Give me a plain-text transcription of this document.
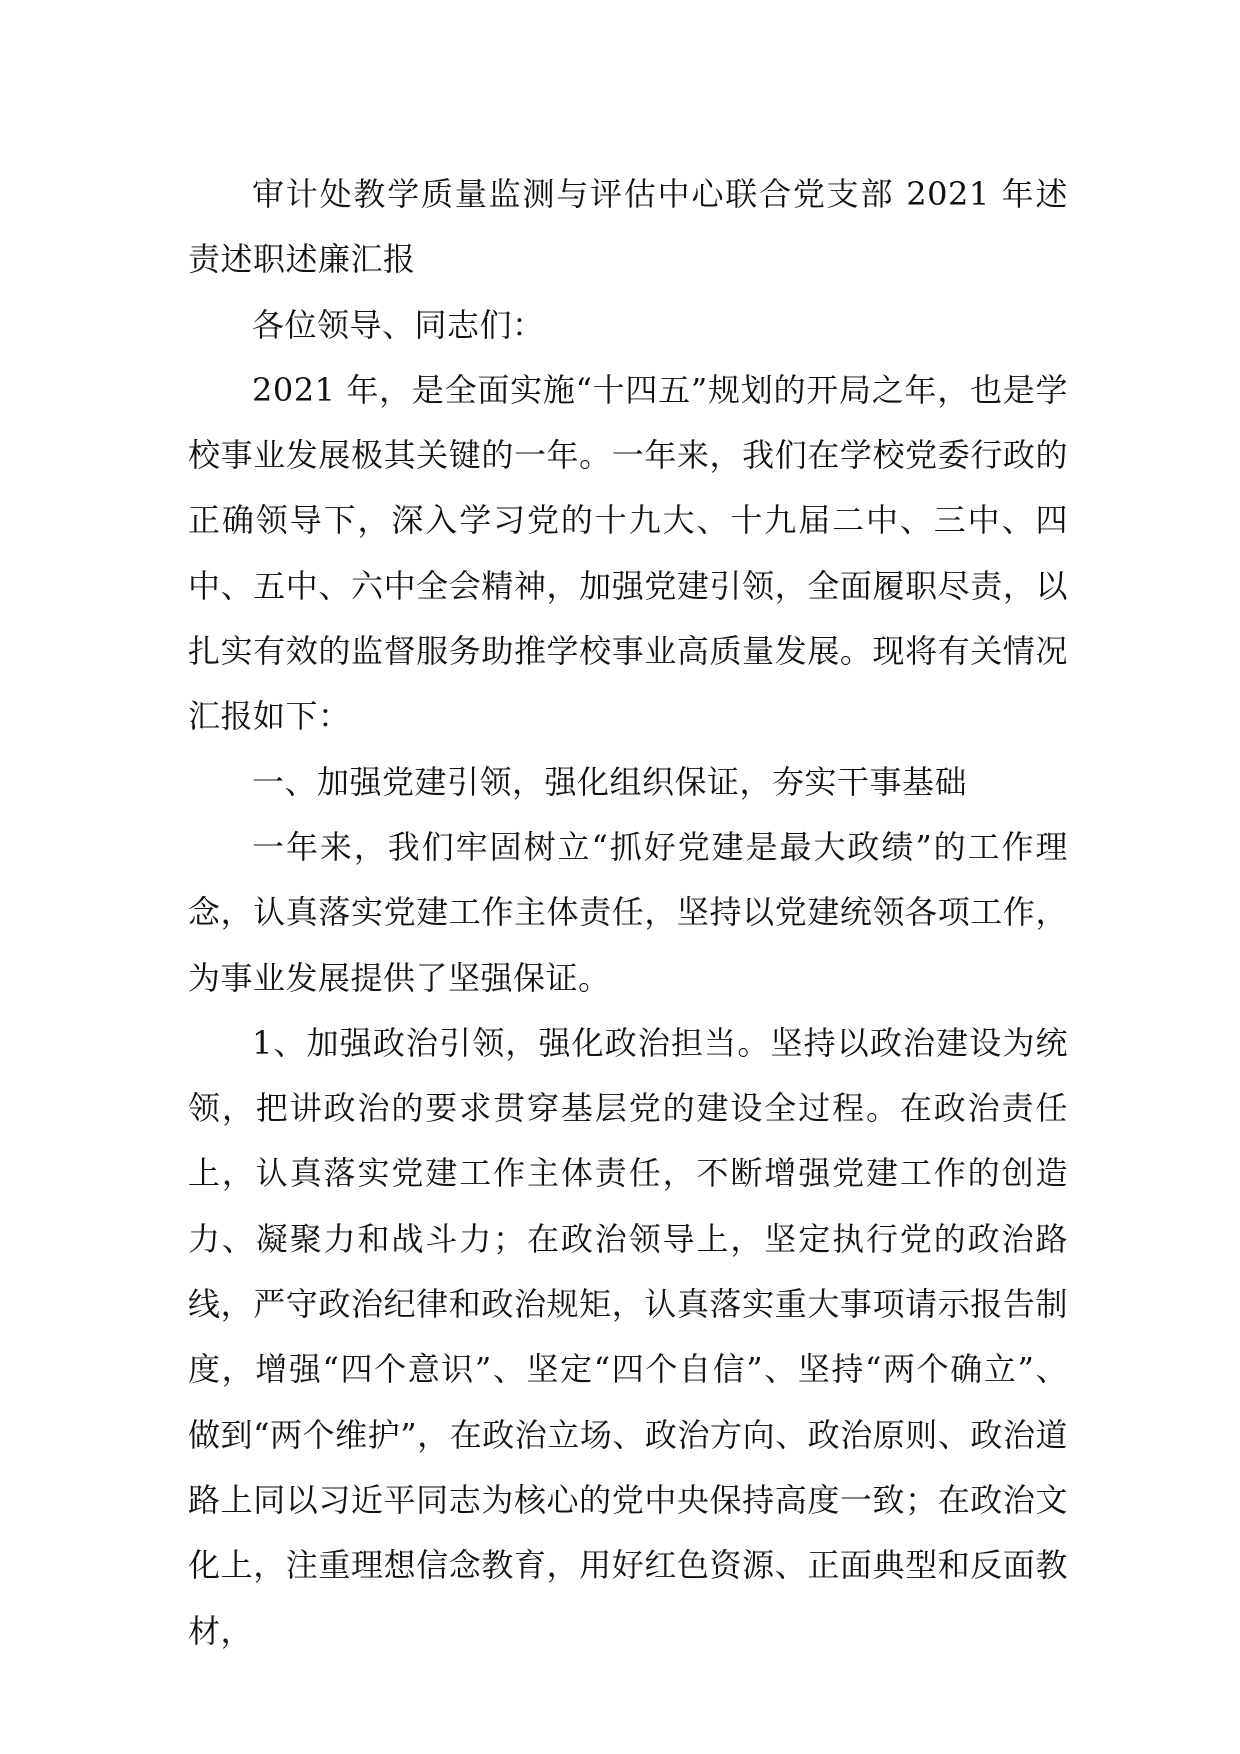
审计处教学质量监测与评估中心联合党支部 2021 年述责述职述廉汇报

各位领导、同志们：

2021 年，是全面实施“十四五”规划的开局之年，也是学校事业发展极其关键的一年。一年来，我们在学校党委行政的正确领导下，深入学习党的十九大、十九届二中、三中、四中、五中、六中全会精神，加强党建引领，全面履职尽责，以扎实有效的监督服务助推学校事业高质量发展。现将有关情况汇报如下：

一、加强党建引领，强化组织保证，夯实干事基础

一年来，我们牢固树立“抓好党建是最大政绩”的工作理念，认真落实党建工作主体责任，坚持以党建统领各项工作，为事业发展提供了坚强保证。

1、加强政治引领，强化政治担当。坚持以政治建设为统领，把讲政治的要求贯穿基层党的建设全过程。在政治责任上，认真落实党建工作主体责任，不断增强党建工作的创造力、凝聚力和战斗力；在政治领导上，坚定执行党的政治路线，严守政治纪律和政治规矩，认真落实重大事项请示报告制度，增强“四个意识”、坚定“四个自信”、坚持“两个确立”、做到“两个维护”，在政治立场、政治方向、政治原则、政治道路上同以习近平同志为核心的党中央保持高度一致；在政治文化上，注重理想信念教育，用好红色资源、正面典型和反面教材，
